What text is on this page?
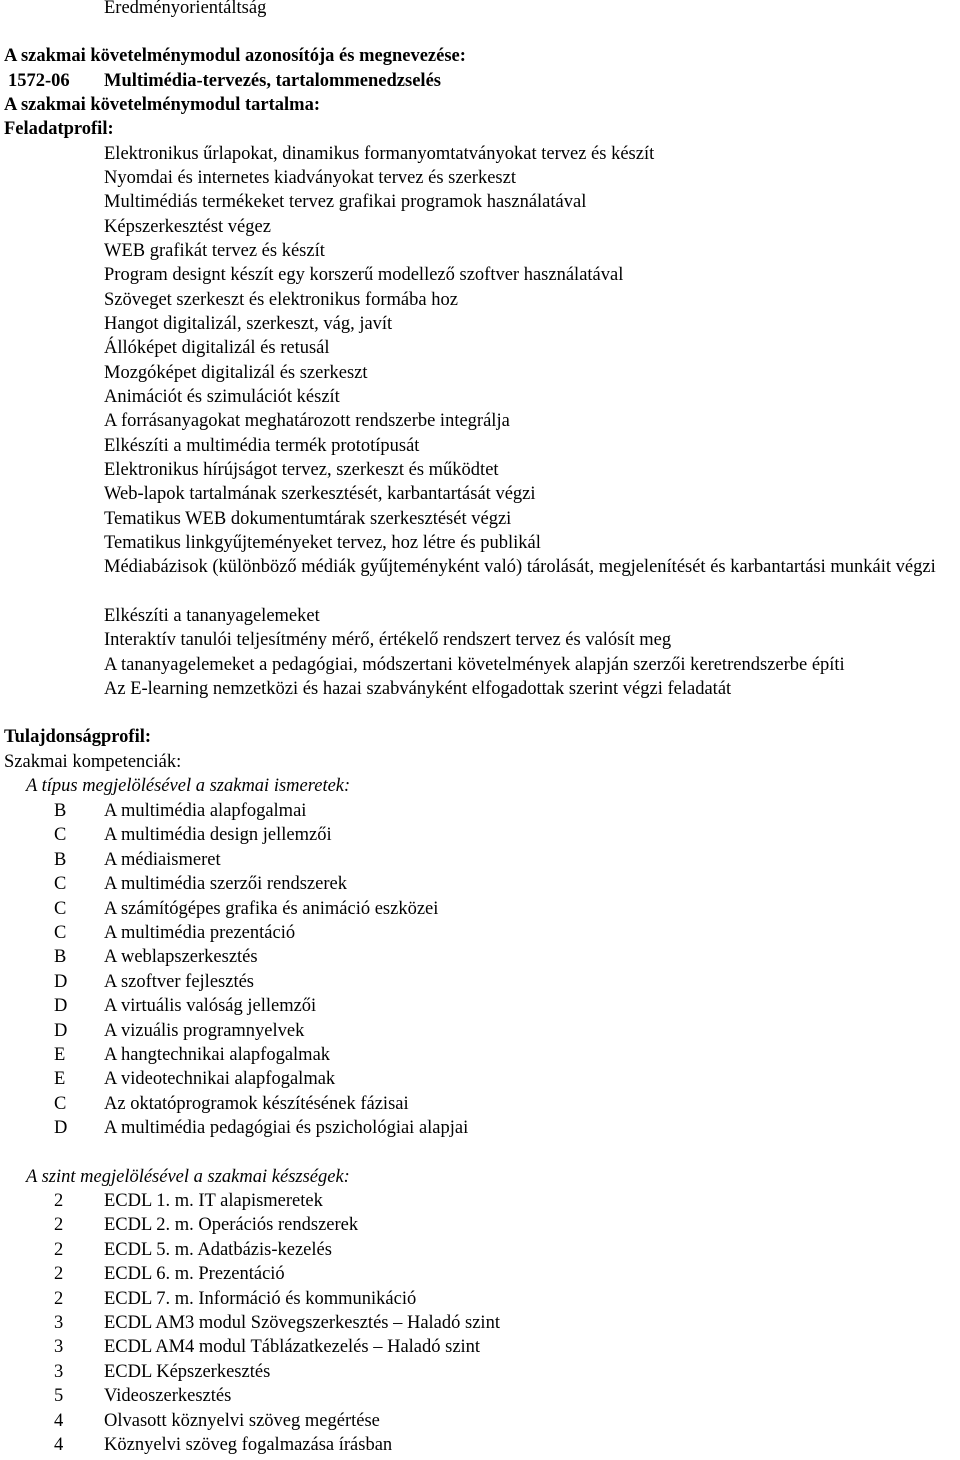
Eredményorientáltság
A szakmai követelménymodul azonosítója és megnevezése:
1572-06 Multimédia-tervezés, tartalommenedzselés
A szakmai követelménymodul tartalma:
Feladatprofil:
Elektronikus űrlapokat, dinamikus formanyomtatványokat tervez és készít
Nyomdai és internetes kiadványokat tervez és szerkeszt
Multimédiás termékeket tervez grafikai programok használatával
Képszerkesztést végez
WEB grafikát tervez és készít
Program designt készít egy korszerű modellező szoftver használatával
Szöveget szerkeszt és elektronikus formába hoz
Hangot digitalizál, szerkeszt, vág, javít
Állóképet digitalizál és retusál
Mozgóképet digitalizál és szerkeszt
Animációt és szimulációt készít
A forrásanyagokat meghatározott rendszerbe integrálja
Elkészíti a multimédia termék prototípusát
Elektronikus hírújságot tervez, szerkeszt és működtet
Web-lapok tartalmának szerkesztését, karbantartását végzi
Tematikus WEB dokumentumtárak szerkesztését végzi
Tematikus linkgyűjteményeket tervez, hoz létre és publikál
Médiabázisok (különböző médiák gyűjteményként való) tárolását, megjelenítését és karbantartási munkáit végzi
Elkészíti a tananyagelemeket
Interaktív tanulói teljesítmény mérő, értékelő rendszert tervez és valósít meg
A tananyagelemeket a pedagógiai, módszertani követelmények alapján szerzői keretrendszerbe építi
Az E-learning nemzetközi és hazai szabványként elfogadottak szerint végzi feladatát
Tulajdonságprofil:
Szakmai kompetenciák:
A típus megjelölésével a szakmai ismeretek:
B	A multimédia alapfogalmai
C	A multimédia design jellemzői
B	A médiaismeret
C	A multimédia szerzői rendszerek
C	A számítógépes grafika és animáció eszközei
C	A multimédia prezentáció
B	A weblapszerkesztés
D	A szoftver fejlesztés
D	A virtuális valóság jellemzői
D	A vizuális programnyelvek
E	A hangtechnikai alapfogalmak
E	A videotechnikai alapfogalmak
C	Az oktatóprogramok készítésének fázisai
D	A multimédia pedagógiai és pszichológiai alapjai
A szint megjelölésével a szakmai készségek:
2	ECDL 1. m. IT alapismeretek
2	ECDL 2. m. Operációs rendszerek
2	ECDL 5. m. Adatbázis-kezelés
2	ECDL 6. m. Prezentáció
2	ECDL 7. m. Információ és kommunikáció
3	ECDL AM3 modul Szövegszerkesztés – Haladó szint
3	ECDL AM4 modul Táblázatkezelés – Haladó szint
3	ECDL Képszerkesztés
5	Videoszerkesztés
4	Olvasott köznyelvi szöveg megértése
4	Köznyelvi szöveg fogalmazása írásban
